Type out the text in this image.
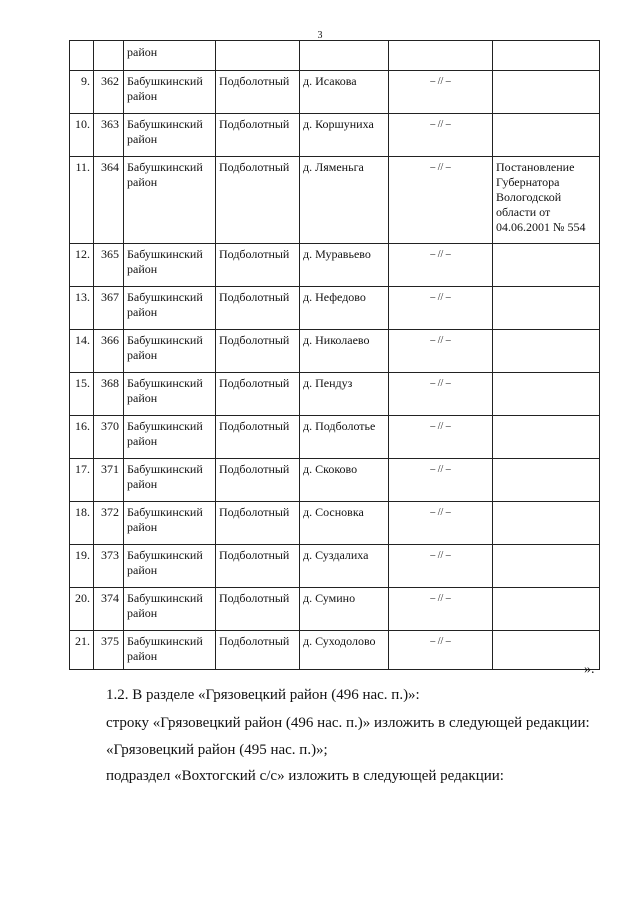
3
		район				
9.	362	Бабушкинский район	Подболотный	д. Исакова	– // –	
10.	363	Бабушкинский район	Подболотный	д. Коршуниха	– // –	
11.	364	Бабушкинский район	Подболотный	д. Ляменьга	– // –	Постановление Губернатора Вологодской области от 04.06.2001 № 554
12.	365	Бабушкинский район	Подболотный	д. Муравьево	– // –	
13.	367	Бабушкинский район	Подболотный	д. Нефедово	– // –	
14.	366	Бабушкинский район	Подболотный	д. Николаево	– // –	
15.	368	Бабушкинский район	Подболотный	д. Пендуз	– // –	
16.	370	Бабушкинский район	Подболотный	д. Подболотье	– // –	
17.	371	Бабушкинский район	Подболотный	д. Скоково	– // –	
18.	372	Бабушкинский район	Подболотный	д. Сосновка	– // –	
19.	373	Бабушкинский район	Подболотный	д. Суздалиха	– // –	
20.	374	Бабушкинский район	Подболотный	д. Сумино	– // –	
21.	375	Бабушкинский район	Подболотный	д. Суходолово	– // –	
».
1.2. В разделе «Грязовецкий район (496 нас. п.)»:
строку «Грязовецкий район (496 нас. п.)» изложить в следующей редакции:
«Грязовецкий район (495 нас. п.)»;
подраздел «Вохтогский с/с» изложить в следующей редакции:
